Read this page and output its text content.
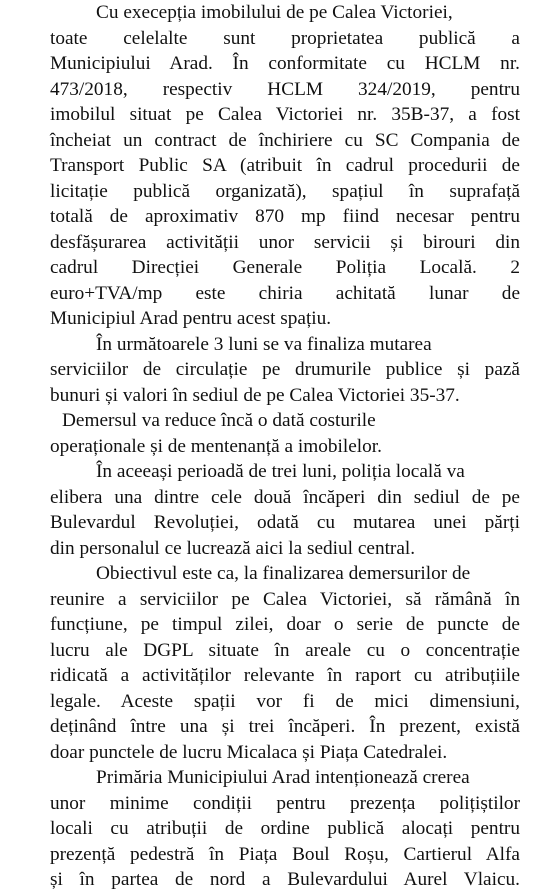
Cu execepția imobilului de pe Calea Victoriei,
toate celelalte sunt proprietatea publică a
Municipiului Arad. În conformitate cu HCLM nr.
473/2018, respectiv HCLM 324/2019, pentru
imobilul situat pe Calea Victoriei nr. 35B-37, a fost
încheiat un contract de închiriere cu SC Compania de
Transport Public SA (atribuit în cadrul procedurii de
licitație publică organizată), spațiul în suprafață
totală de aproximativ 870 mp fiind necesar pentru
desfășurarea activității unor servicii și birouri din
cadrul Direcției Generale Poliția Locală. 2
euro+TVA/mp este chiria achitată lunar de
Municipiul Arad pentru acest spațiu.
În următoarele 3 luni se va finaliza mutarea
serviciilor de circulație pe drumurile publice și pază
bunuri și valori în sediul de pe Calea Victoriei 35-37.
Demersul va reduce încă o dată costurile
operaționale și de mentenanță a imobilelor.
În aceeași perioadă de trei luni, poliția locală va
elibera una dintre cele două încăperi din sediul de pe
Bulevardul Revoluției, odată cu mutarea unei părți
din personalul ce lucrează aici la sediul central.
Obiectivul este ca, la finalizarea demersurilor de
reunire a serviciilor pe Calea Victoriei, să rămână în
funcțiune, pe timpul zilei, doar o serie de puncte de
lucru ale DGPL situate în areale cu o concentrație
ridicată a activităților relevante în raport cu atribuțiile
legale. Aceste spații vor fi de mici dimensiuni,
deținând între una și trei încăperi. În prezent, există
doar punctele de lucru Micalaca și Piața Catedralei.
Primăria Municipiului Arad intenționează crerea
unor minime condiții pentru prezența polițiștilor
locali cu atribuții de ordine publică alocați pentru
prezență pedestră în Piața Boul Roșu, Cartierul Alfa
și în partea de nord a Bulevardului Aurel Vlaicu.
